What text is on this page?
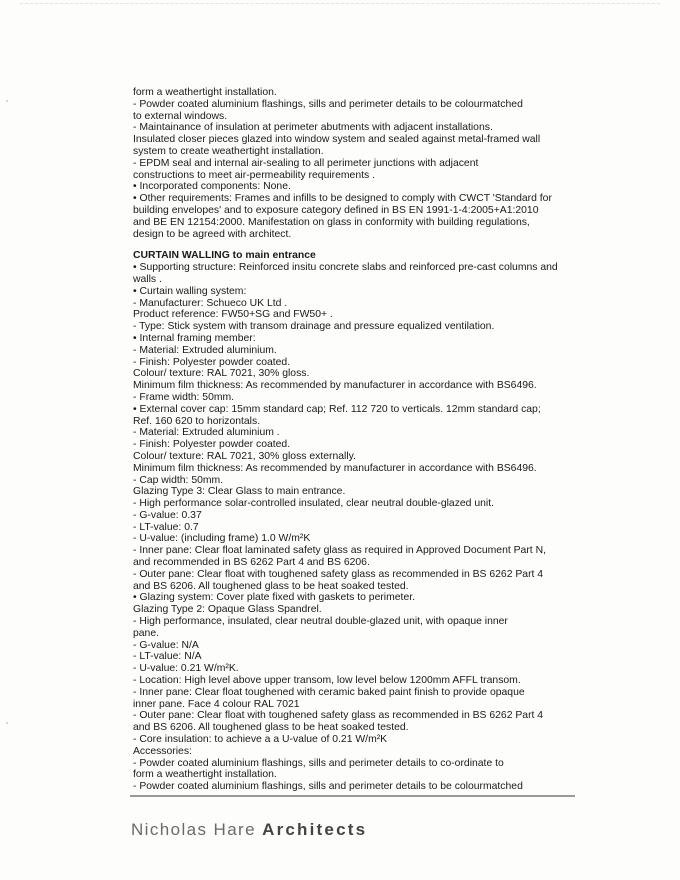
form a weathertight installation.
- Powder coated aluminium flashings, sills and perimeter details to be colourmatched
to external windows.
- Maintainance of insulation at perimeter abutments with adjacent installations.
Insulated closer pieces glazed into window system and sealed against metal-framed wall
system to create weathertight installation.
- EPDM seal and internal air-sealing to all perimeter junctions with adjacent
constructions to meet air-permeability requirements .
• Incorporated components: None.
• Other requirements: Frames and infills to be designed to comply with CWCT 'Standard for
building envelopes' and to exposure category defined in BS EN 1991-1-4:2005+A1:2010
and BE EN 12154:2000. Manifestation on glass in conformity with building regulations,
design to be agreed with architect.
CURTAIN WALLING to main entrance
• Supporting structure: Reinforced insitu concrete slabs and reinforced pre-cast columns and
walls .
• Curtain walling system:
- Manufacturer: Schueco UK Ltd .
Product reference: FW50+SG and FW50+ .
- Type: Stick system with transom drainage and pressure equalized ventilation.
• Internal framing member:
- Material: Extruded aluminium.
- Finish: Polyester powder coated.
Colour/ texture: RAL 7021, 30% gloss.
Minimum film thickness: As recommended by manufacturer in accordance with BS6496.
- Frame width: 50mm.
• External cover cap: 15mm standard cap; Ref. 112 720 to verticals. 12mm standard cap;
Ref. 160 620 to horizontals.
- Material: Extruded aluminium .
- Finish: Polyester powder coated.
Colour/ texture: RAL 7021, 30% gloss externally.
Minimum film thickness: As recommended by manufacturer in accordance with BS6496.
- Cap width: 50mm.
Glazing Type 3: Clear Glass to main entrance.
- High performance solar-controlled insulated, clear neutral double-glazed unit.
- G-value: 0.37
- LT-value: 0.7
- U-value: (including frame) 1.0 W/m²K
- Inner pane: Clear float laminated safety glass as required in Approved Document Part N,
and recommended in BS 6262 Part 4 and BS 6206.
- Outer pane: Clear float with toughened safety glass as recommended in BS 6262 Part 4
and BS 6206. All toughened glass to be heat soaked tested.
• Glazing system: Cover plate fixed with gaskets to perimeter.
Glazing Type 2: Opaque Glass Spandrel.
- High performance, insulated, clear neutral double-glazed unit, with opaque inner
pane.
- G-value: N/A
- LT-value: N/A
- U-value: 0.21 W/m²K.
- Location: High level above upper transom, low level below 1200mm AFFL transom.
- Inner pane: Clear float toughened with ceramic baked paint finish to provide opaque
inner pane. Face 4 colour RAL 7021
- Outer pane: Clear float with toughened safety glass as recommended in BS 6262 Part 4
and BS 6206. All toughened glass to be heat soaked tested.
- Core insulation: to achieve a a U-value of 0.21 W/m²K
Accessories:
- Powder coated aluminium flashings, sills and perimeter details to co-ordinate to
form a weathertight installation.
- Powder coated aluminium flashings, sills and perimeter details to be colourmatched
Nicholas Hare Architects
